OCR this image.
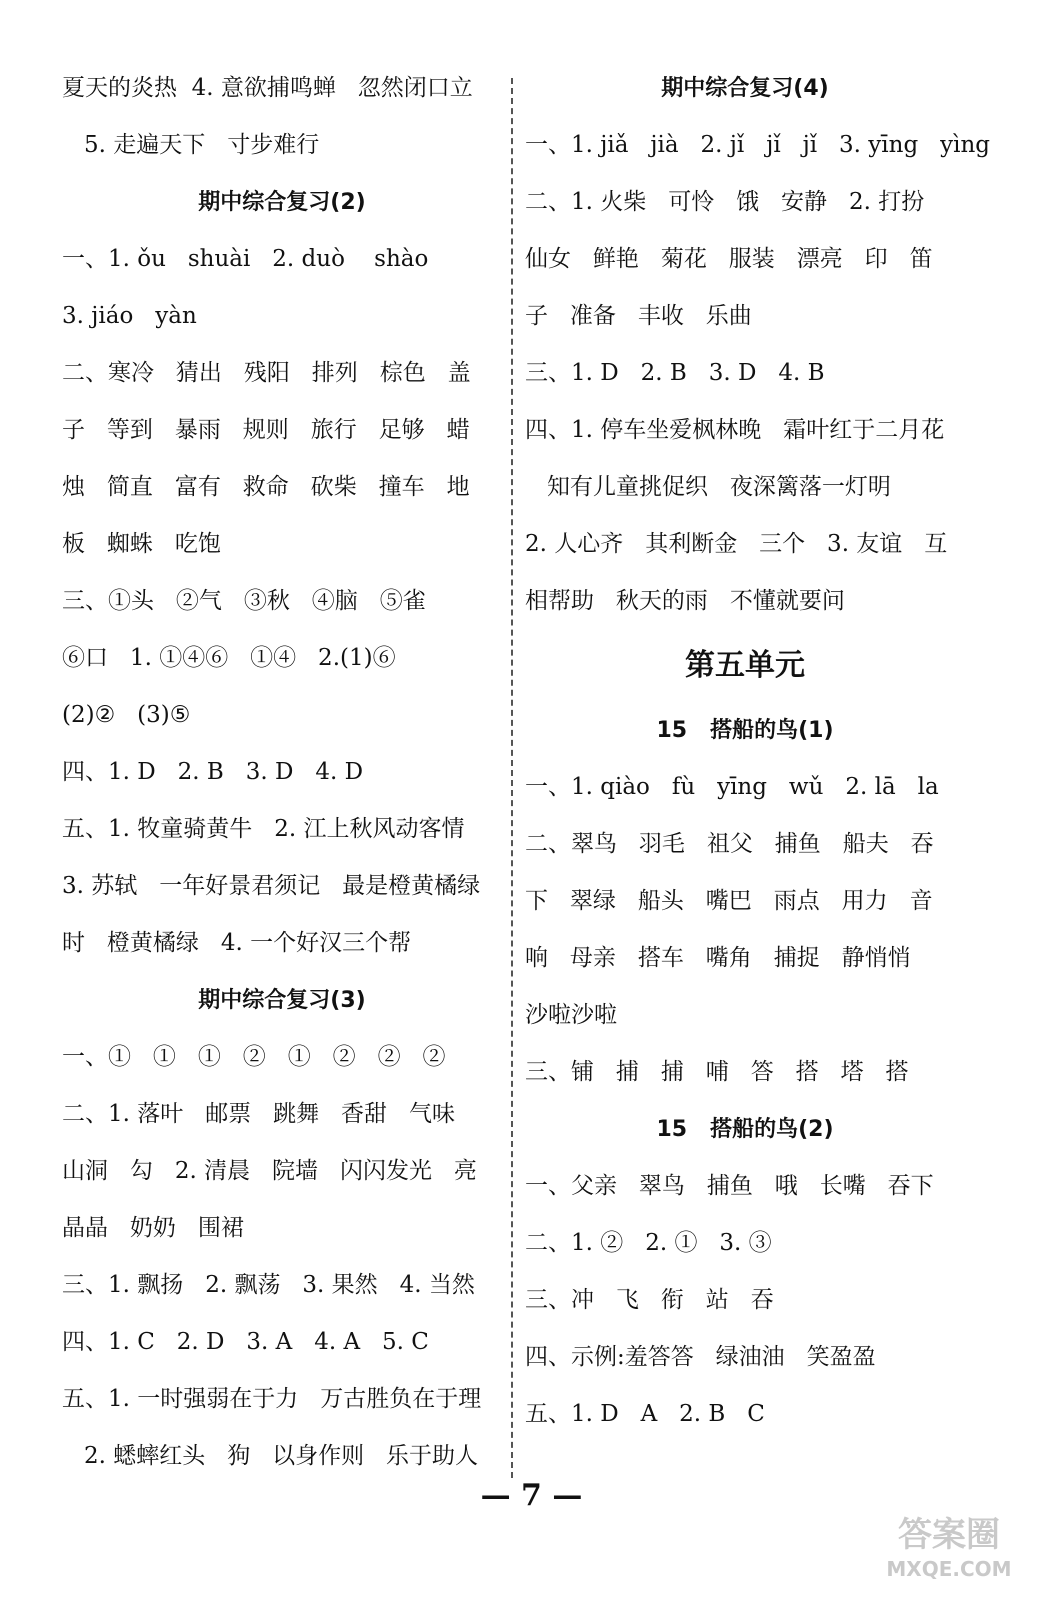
夏天的炎热  4. 意欲捕鸣蝉   忽然闭口立
5. 走遍天下   寸步难行
期中综合复习(2)
一、1. ǒu   shuài   2. duò    shào
3. jiáo   yàn
二、寒冷   猜出   残阳   排列   棕色   盖
子   等到   暴雨   规则   旅行   足够   蜡
烛   简直   富有   救命   砍柴   撞车   地
板   蜘蛛   吃饱
三、①头   ②气   ③秋   ④脑   ⑤雀
⑥口   1. ①④⑥   ①④   2.(1)⑥
(2)②   (3)⑤
四、1. D   2. B   3. D   4. D
五、1. 牧童骑黄牛   2. 江上秋风动客情
3. 苏轼   一年好景君须记   最是橙黄橘绿
时   橙黄橘绿   4. 一个好汉三个帮
期中综合复习(3)
一、①   ①   ①   ②   ①   ②   ②   ②
二、1. 落叶   邮票   跳舞   香甜   气味
山洞   勾   2. 清晨   院墙   闪闪发光   亮
晶晶   奶奶   围裙
三、1. 飘扬   2. 飘荡   3. 果然   4. 当然
四、1. C   2. D   3. A   4. A   5. C
五、1. 一时强弱在于力   万古胜负在于理
2. 蟋蟀红头   狗   以身作则   乐于助人
期中综合复习(4)
一、1. jiǎ   jià   2. jǐ   jǐ   jǐ   3. yīng   yìng
二、1. 火柴   可怜   饿   安静   2. 打扮
仙女   鲜艳   菊花   服装   漂亮   印   笛
子   准备   丰收   乐曲
三、1. D   2. B   3. D   4. B
四、1. 停车坐爱枫林晚   霜叶红于二月花
知有儿童挑促织   夜深篱落一灯明
2. 人心齐   其利断金   三个   3. 友谊   互
相帮助   秋天的雨   不懂就要问
第五单元
15   搭船的鸟(1)
一、1. qiào   fù   yīng   wǔ   2. lā   la
二、翠鸟   羽毛   祖父   捕鱼   船夫   吞
下   翠绿   船头   嘴巴   雨点   用力   音
响   母亲   搭车   嘴角   捕捉   静悄悄
沙啦沙啦
三、铺   捕   捕   哺   答   搭   塔   搭
15   搭船的鸟(2)
一、父亲   翠鸟   捕鱼   哦   长嘴   吞下
二、1. ②   2. ①   3. ③
三、冲   飞   衔   站   吞
四、示例:羞答答   绿油油   笑盈盈
五、1. D   A   2. B   C
— 7 —
答案圈
MXQE.COM
